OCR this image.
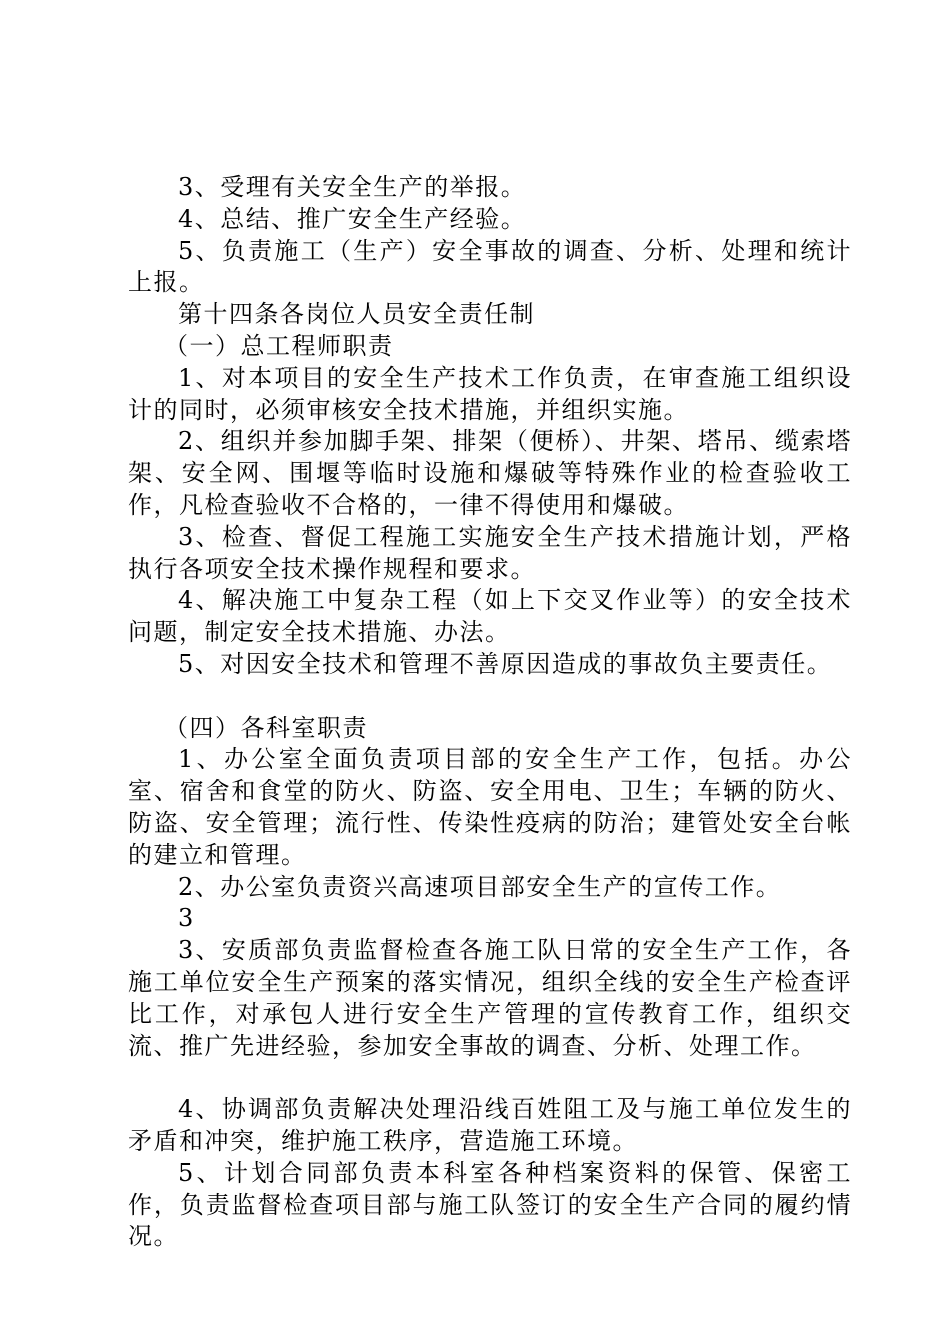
3、受理有关安全生产的举报。

4、总结、推广安全生产经验。

5、负责施工（生产）安全事故的调查、分析、处理和统计上报。

第十四条各岗位人员安全责任制

（一）总工程师职责

1、对本项目的安全生产技术工作负责，在审查施工组织设计的同时，必须审核安全技术措施，并组织实施。

2、组织并参加脚手架、排架（便桥）、井架、塔吊、缆索塔架、安全网、围堰等临时设施和爆破等特殊作业的检查验收工作，凡检查验收不合格的，一律不得使用和爆破。

3、检查、督促工程施工实施安全生产技术措施计划，严格执行各项安全技术操作规程和要求。

4、解决施工中复杂工程（如上下交叉作业等）的安全技术问题，制定安全技术措施、办法。

5、对因安全技术和管理不善原因造成的事故负主要责任。

（四）各科室职责

1、办公室全面负责项目部的安全生产工作，包括。办公室、宿舍和食堂的防火、防盗、安全用电、卫生；车辆的防火、防盗、安全管理；流行性、传染性疫病的防治；建管处安全台帐的建立和管理。

2、办公室负责资兴高速项目部安全生产的宣传工作。

3

3、安质部负责监督检查各施工队日常的安全生产工作，各施工单位安全生产预案的落实情况，组织全线的安全生产检查评比工作，对承包人进行安全生产管理的宣传教育工作，组织交流、推广先进经验，参加安全事故的调查、分析、处理工作。

4、协调部负责解决处理沿线百姓阻工及与施工单位发生的矛盾和冲突，维护施工秩序，营造施工环境。

5、计划合同部负责本科室各种档案资料的保管、保密工作，负责监督检查项目部与施工队签订的安全生产合同的履约情况。
